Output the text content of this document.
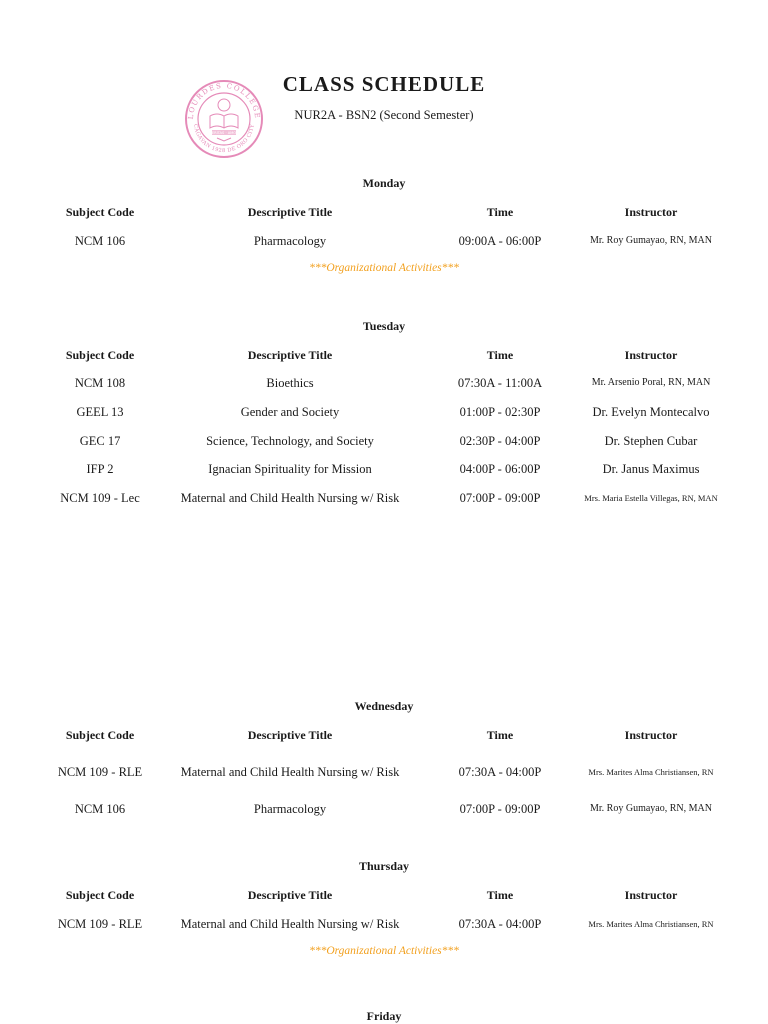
LOURDES COLLEGE
CAGAYAN 1928 DE ORO CITY
VERITAS · AMOR
CLASS SCHEDULE
NUR2A - BSN2 (Second Semester)
Monday
Subject Code	Descriptive Title	Time	Instructor
NCM 106	Pharmacology	09:00A - 06:00P	Mr. Roy Gumayao, RN, MAN
***Organizational Activities***
Tuesday
Subject Code	Descriptive Title	Time	Instructor
NCM 108	Bioethics	07:30A - 11:00A	Mr. Arsenio Poral, RN, MAN
GEEL 13	Gender and Society	01:00P - 02:30P	Dr. Evelyn Montecalvo
GEC 17	Science, Technology, and Society	02:30P - 04:00P	Dr. Stephen Cubar
IFP 2	Ignacian Spirituality for Mission	04:00P - 06:00P	Dr. Janus Maximus
NCM 109 - Lec	Maternal and Child Health Nursing w/ Risk	07:00P - 09:00P	Mrs. Maria Estella Villegas, RN, MAN
Wednesday
Subject Code	Descriptive Title	Time	Instructor
NCM 109 - RLE	Maternal and Child Health Nursing w/ Risk	07:30A - 04:00P	Mrs. Marites Alma Christiansen, RN
NCM 106	Pharmacology	07:00P - 09:00P	Mr. Roy Gumayao, RN, MAN
Thursday
Subject Code	Descriptive Title	Time	Instructor
NCM 109 - RLE	Maternal and Child Health Nursing w/ Risk	07:30A - 04:00P	Mrs. Marites Alma Christiansen, RN
***Organizational Activities***
Friday
